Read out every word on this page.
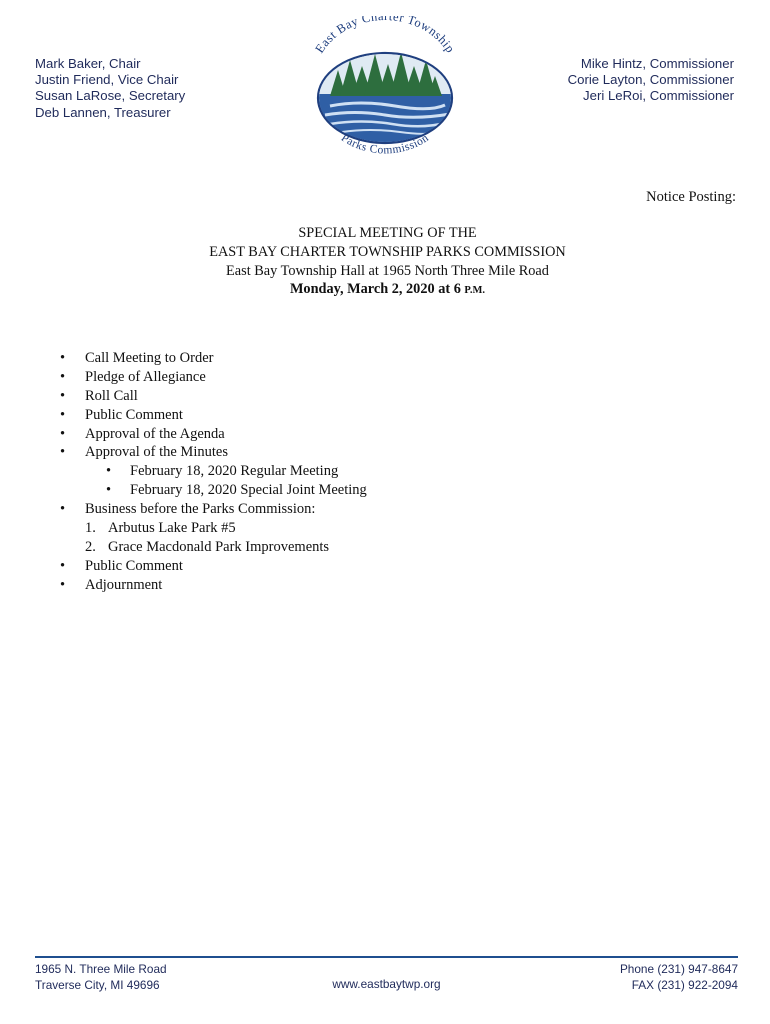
Mark Baker, Chair
Justin Friend, Vice Chair
Susan LaRose, Secretary
Deb Lannen, Treasurer
East Bay Charter Township
Parks Commission
Mike Hintz, Commissioner
Corie Layton, Commissioner
Jeri LeRoi, Commissioner
Notice Posting:
SPECIAL MEETING OF THE
EAST BAY CHARTER TOWNSHIP PARKS COMMISSION
East Bay Township Hall at 1965 North Three Mile Road
Monday, March 2, 2020 at 6 P.M.
• Call Meeting to Order
• Pledge of Allegiance
• Roll Call
• Public Comment
• Approval of the Agenda
• Approval of the Minutes
• February 18, 2020 Regular Meeting
• February 18, 2020 Special Joint Meeting
• Business before the Parks Commission:
1. Arbutus Lake Park #5
2. Grace Macdonald Park Improvements
• Public Comment
• Adjournment
1965 N. Three Mile Road
Traverse City, MI 49696	www.eastbaytwp.org
Phone (231) 947-8647
FAX (231) 922-2094
